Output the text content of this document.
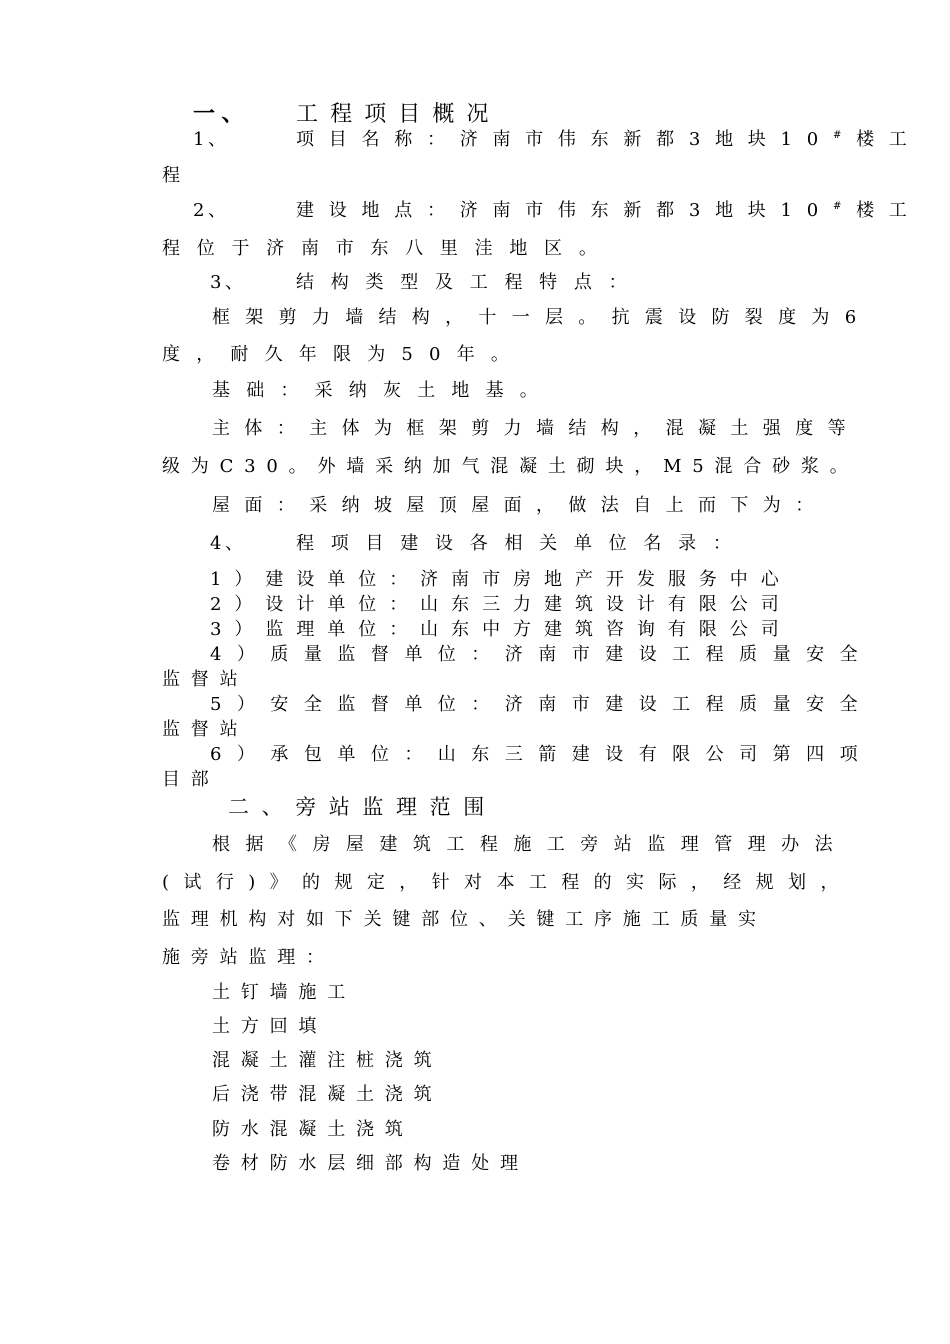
一、 工程项目概况
1、	项目名称：济南市伟东新都3地块10#楼工
程
2、	建设地点：济南市伟东新都3地块10#楼工
程位于济南市东八里洼地区。
3、	结构类型及工程特点：
框架剪力墙结构，十一层。抗震设防裂度为6
度，耐久年限为50年。
基础：采纳灰土地基。
主体：主体为框架剪力墙结构，混凝土强度等
级为C30。外墙采纳加气混凝土砌块，M5混合砂浆。
屋面：采纳坡屋顶屋面，做法自上而下为：
4、	程项目建设各相关单位名录：
1）建设单位：济南市房地产开发服务中心
2）设计单位：山东三力建筑设计有限公司
3）监理单位：山东中方建筑咨询有限公司
4）质量监督单位：济南市建设工程质量安全
监督站
5）安全监督单位：济南市建设工程质量安全
监督站
6）承包单位：山东三箭建设有限公司第四项
目部
二、旁站监理范围
根据《房屋建筑工程施工旁站监理管理办法
(试行)》的规定，针对本工程的实际，经规划，
监理机构对如下关键部位、关键工序施工质量实
施旁站监理：
土钉墙施工
土方回填
混凝土灌注桩浇筑
后浇带混凝土浇筑
防水混凝土浇筑
卷材防水层细部构造处理
